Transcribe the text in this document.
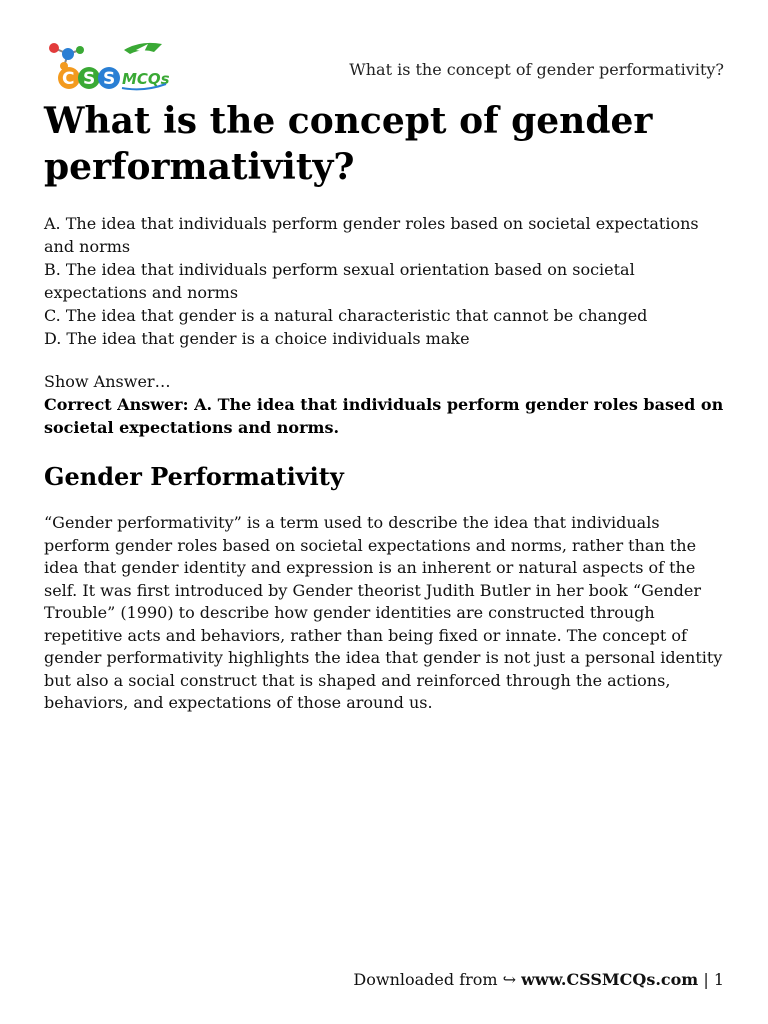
C S S MCQs	What is the concept of gender performativity?
What is the concept of gender performativity?
A. The idea that individuals perform gender roles based on societal expectations and norms
B. The idea that individuals perform sexual orientation based on societal expectations and norms
C. The idea that gender is a natural characteristic that cannot be changed
D. The idea that gender is a choice individuals make
Show Answer…
Correct Answer: A. The idea that individuals perform gender roles based on societal expectations and norms.
Gender Performativity
“Gender performativity” is a term used to describe the idea that individuals perform gender roles based on societal expectations and norms, rather than the idea that gender identity and expression is an inherent or natural aspects of the self. It was first introduced by Gender theorist Judith Butler in her book “Gender Trouble” (1990) to describe how gender identities are constructed through repetitive acts and behaviors, rather than being fixed or innate. The concept of gender performativity highlights the idea that gender is not just a personal identity but also a social construct that is shaped and reinforced through the actions, behaviors, and expectations of those around us.
Downloaded from ↪ www.CSSMCQs.com | 1
